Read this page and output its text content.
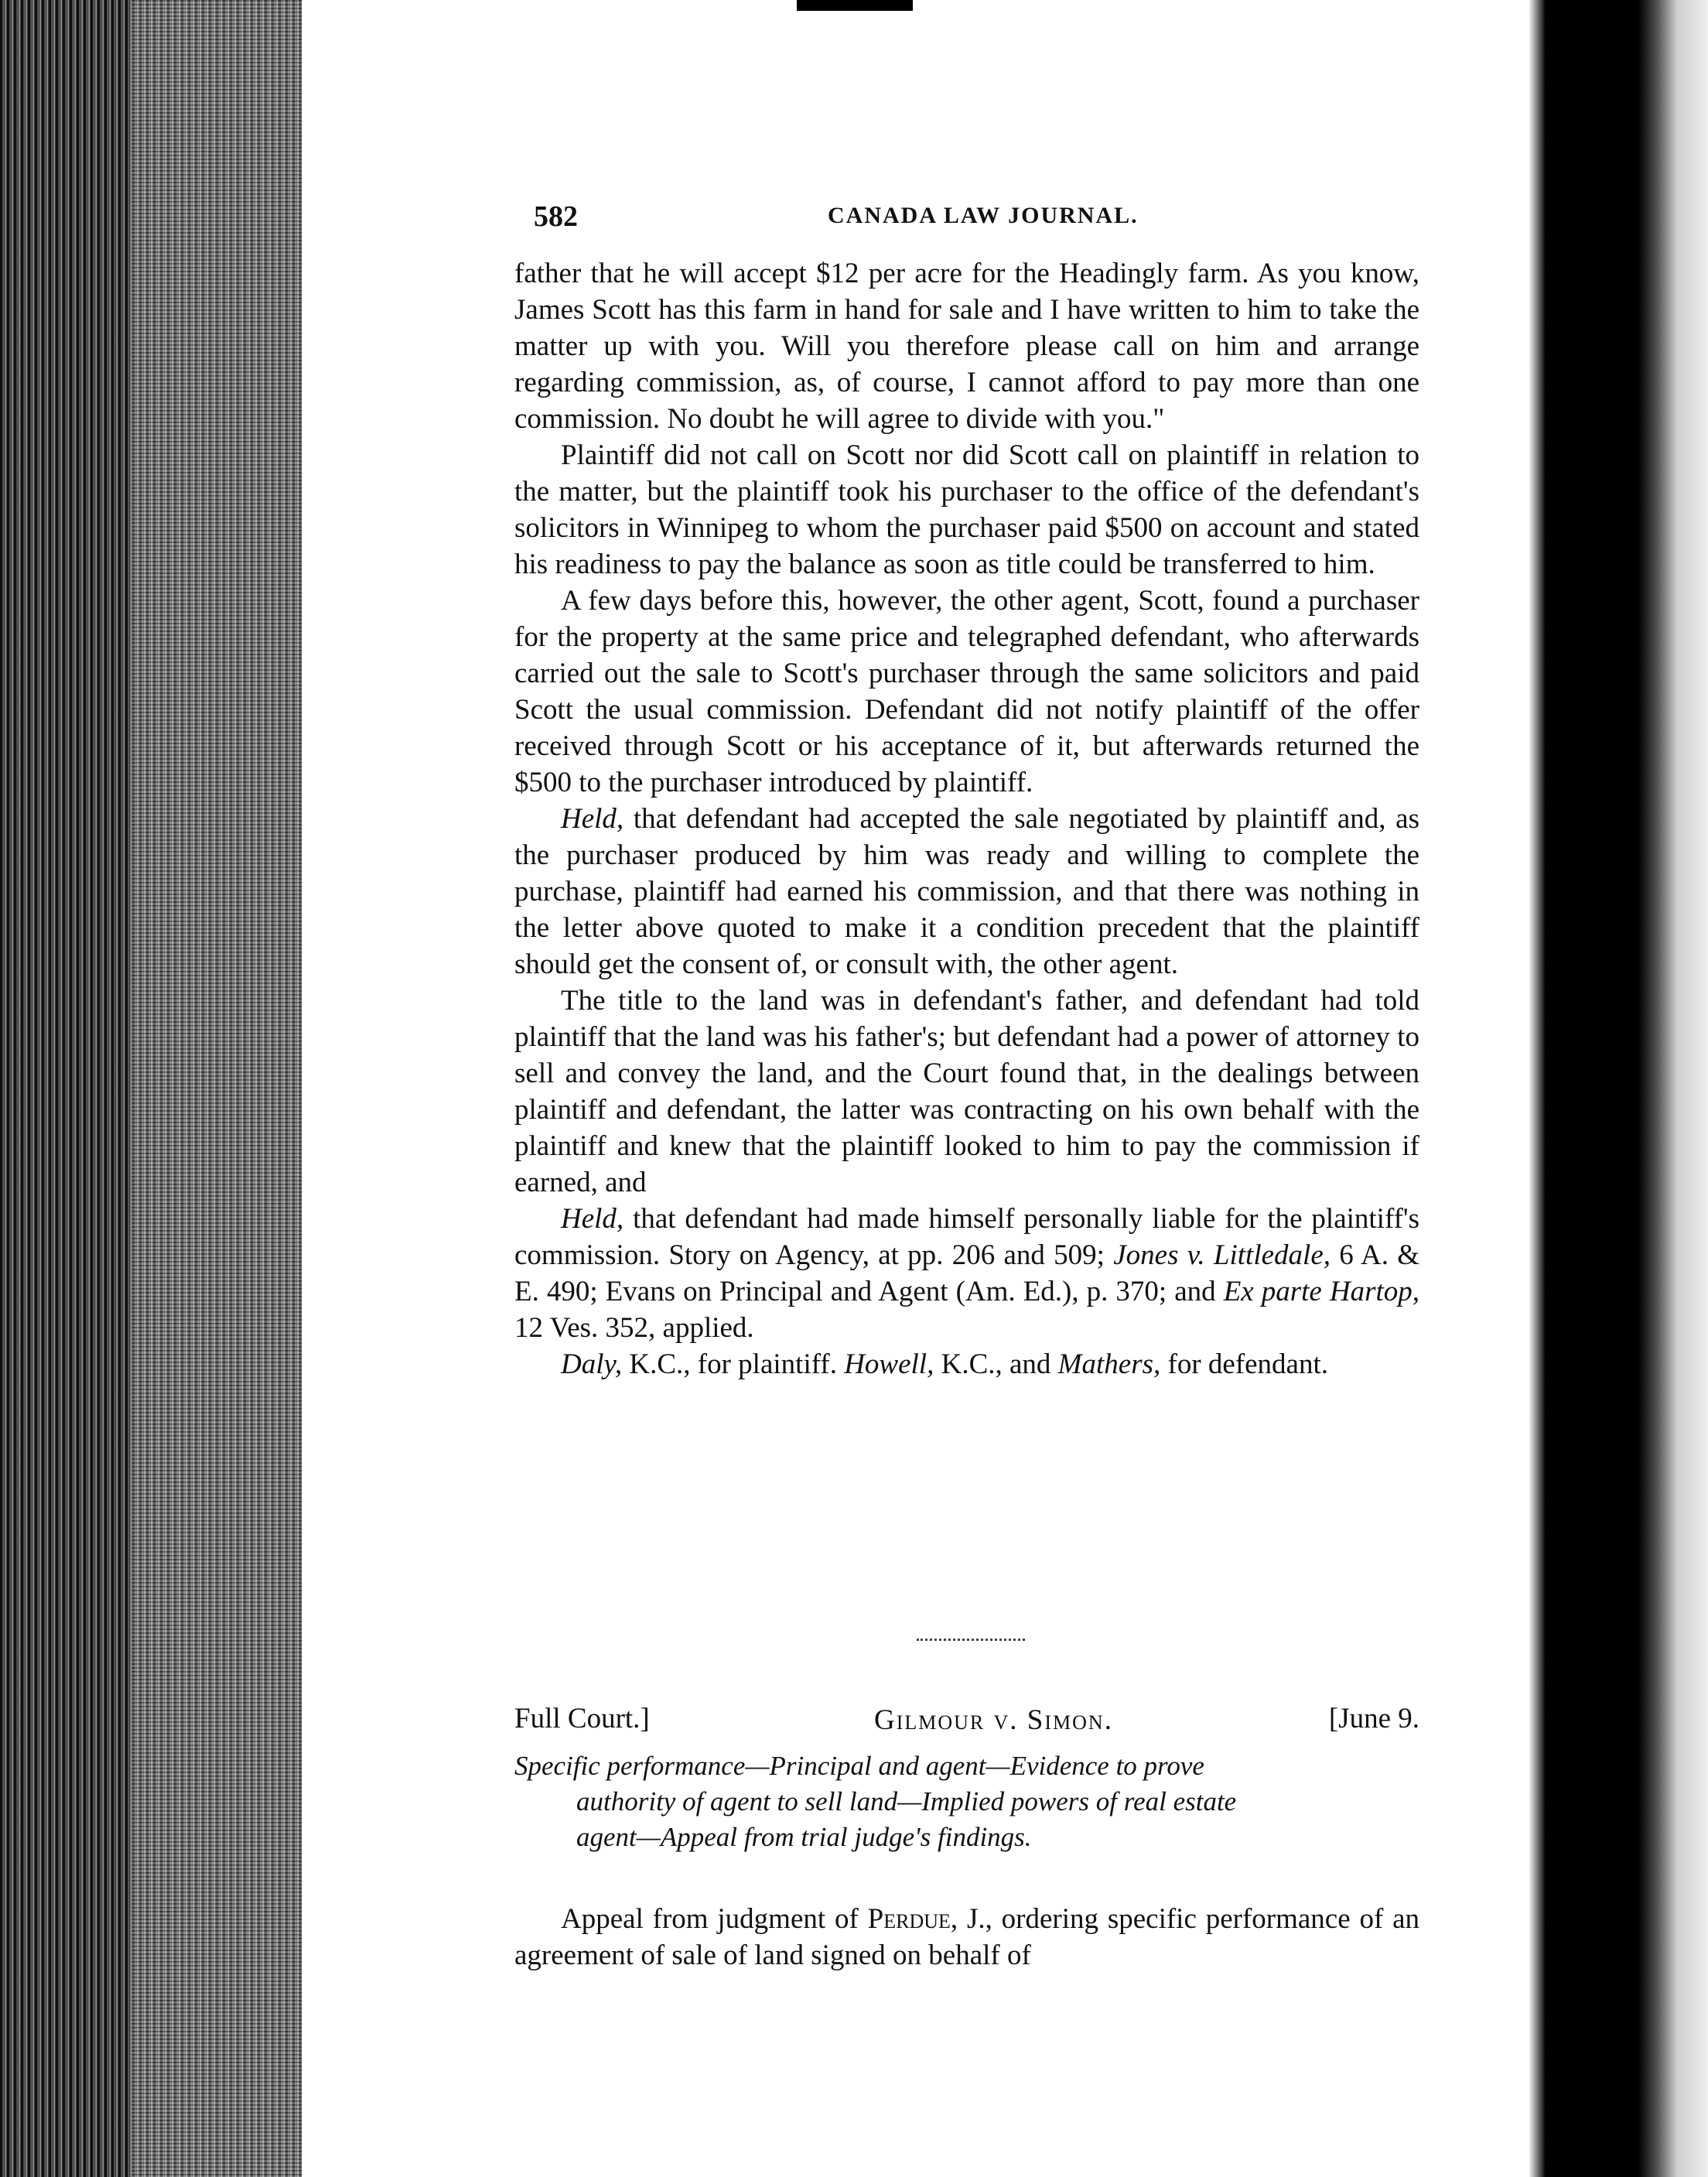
582	CANADA LAW JOURNAL.

father that he will accept $12 per acre for the Headingly farm. As you know, James Scott has this farm in hand for sale and I have written to him to take the matter up with you. Will you therefore please call on him and arrange regarding commission, as, of course, I cannot afford to pay more than one commission. No doubt he will agree to divide with you."

Plaintiff did not call on Scott nor did Scott call on plaintiff in relation to the matter, but the plaintiff took his purchaser to the office of the defendant's solicitors in Winnipeg to whom the purchaser paid $500 on account and stated his readiness to pay the balance as soon as title could be transferred to him.

A few days before this, however, the other agent, Scott, found a purchaser for the property at the same price and telegraphed defendant, who afterwards carried out the sale to Scott's purchaser through the same solicitors and paid Scott the usual commission. Defendant did not notify plaintiff of the offer received through Scott or his acceptance of it, but afterwards returned the $500 to the purchaser introduced by plaintiff.

Held, that defendant had accepted the sale negotiated by plaintiff and, as the purchaser produced by him was ready and willing to complete the purchase, plaintiff had earned his commission, and that there was nothing in the letter above quoted to make it a condition precedent that the plaintiff should get the consent of, or consult with, the other agent.

The title to the land was in defendant's father, and defendant had told plaintiff that the land was his father's; but defendant had a power of attorney to sell and convey the land, and the Court found that, in the dealings between plaintiff and defendant, the latter was contracting on his own behalf with the plaintiff and knew that the plaintiff looked to him to pay the commission if earned, and

Held, that defendant had made himself personally liable for the plaintiff's commission. Story on Agency, at pp. 206 and 509; Jones v. Littledale, 6 A. & E. 490; Evans on Principal and Agent (Am. Ed.), p. 370; and Ex parte Hartop, 12 Ves. 352, applied.

Daly, K.C., for plaintiff. Howell, K.C., and Mathers, for defendant.

Full Court.]	Gilmour v. Simon.	[June 9.
Specific performance—Principal and agent—Evidence to prove
authority of agent to sell land—Implied powers of real estate
agent—Appeal from trial judge's findings.

Appeal from judgment of Perdue, J., ordering specific performance of an agreement of sale of land signed on behalf of
